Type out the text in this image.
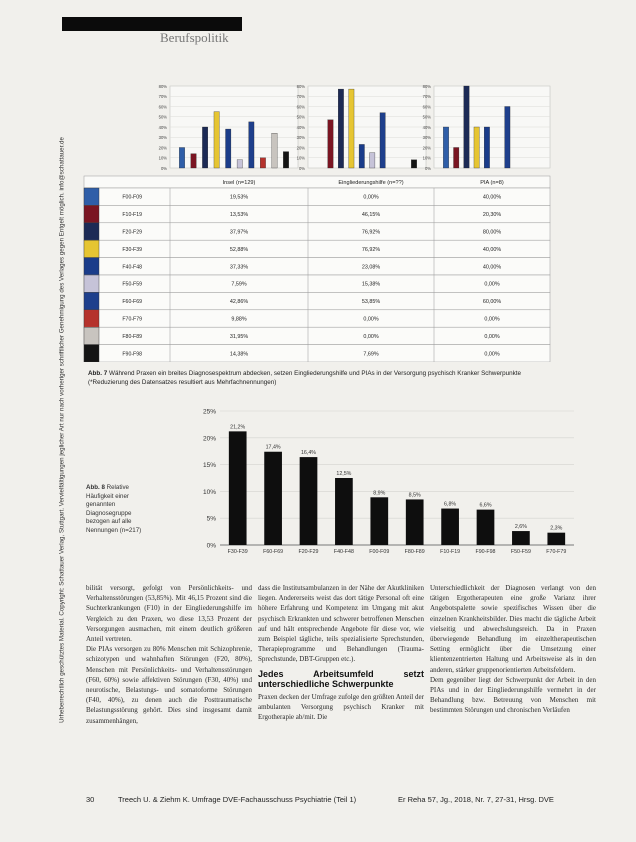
Berufspolitik
Urheberrechtlich geschütztes Material. Copyright: Schattauer Verlag, Stuttgart. Vervielfältigungen jeglicher Art nur nach vorheriger schriftlicher Genehmigung des Verlages gegen Entgelt möglich. info@schattauer.de	0%
10%
20%
30%
40%
50%
60%
70%
80%
0%
10%
20%
30%
40%
50%
60%
70%
80%
0%
10%
20%
30%
40%
50%
60%
70%
80%
Insel (n=129)	Eingliederungshilfe (n=??)	PIA (n=8)
F00-F09	19,53%	0,00%	40,00%
F10-F19	13,53%	46,15%	20,30%
F20-F29	37,97%	76,92%	80,00%
F30-F39	52,88%	76,92%	40,00%
F40-F48	37,33%	23,08%	40,00%
F50-F59	7,59%	15,38%	0,00%
F60-F69	42,86%	53,85%	60,00%
F70-F79	9,88%	0,00%	0,00%
F80-F89	31,95%	0,00%	0,00%
F90-F98	14,38%	7,69%	0,00%
Abb. 7 Während Praxen ein breites Diagnosespektrum abdecken, setzen Eingliederungshilfe und PIAs in der Versorgung psychisch Kranker Schwerpunkte (*Reduzierung des Datensatzes resultiert aus Mehrfachnennungen)
0%
5%
10%
15%
20%
25%
21,2%
F30-F39
17,4%
F60-F69
16,4%
F20-F29
12,5%
F40-F48
8,9%
F00-F09
8,5%
F80-F89
6,8%
F10-F19
6,6%
F90-F98
2,6%
F50-F59
2,3%
F70-F79
Abb. 8 Relative Häufigkeit einer genannten Diagnosegruppe bezogen auf alle Nennungen (n=217)

bilität versorgt, gefolgt von Persönlichkeits- und Verhaltensstörungen (53,85%). Mit 46,15 Prozent sind die Suchterkrankungen (F10) in der Eingliederungshilfe im Vergleich zu den Praxen, wo diese 13,53 Prozent der Versorgungen ausmachen, mit einem deutlich größeren Anteil vertreten.

Die PIAs versorgen zu 80% Menschen mit Schizophrenie, schizotypen und wahnhaften Störungen (F20, 80%), Menschen mit Persönlichkeits- und Verhaltensstörungen (F60, 60%) sowie affektiven Störungen (F30, 40%) und neurotische, Belastungs- und somatoforme Störungen (F40, 40%), zu denen auch die Posttraumatische Belastungsstörung gehört. Dies sind insgesamt damit zusammenhängen,

dass die Institutsambulanzen in der Nähe der Akutkliniken liegen. Andererseits weist das dort tätige Personal oft eine höhere Erfahrung und Kompetenz im Umgang mit akut psychisch Erkrankten und schwerer betroffenen Menschen auf und hält entsprechende Angebote für diese vor, wie zum Beispiel tägliche, teils spezialisierte Sprechstunden, Therapieprogramme und Behandlungen (Trauma-Sprechstunde, DBT-Gruppen etc.).

Jedes Arbeitsumfeld setzt unterschiedliche Schwerpunkte

Praxen decken der Umfrage zufolge den größten Anteil der ambulanten Versorgung psychisch Kranker mit Ergotherapie ab/mit. Die

Unterschiedlichkeit der Diagnosen verlangt von den tätigen Ergotherapeuten eine große Varianz ihrer Angebotspalette sowie spezifisches Wissen über die einzelnen Krankheitsbilder. Dies macht die tägliche Arbeit vielseitig und abwechslungsreich. Da in Praxen überwiegende Behandlung im einzeltherapeutischen Setting ermöglicht über die Umsetzung einer klientenzentrierten Haltung und Arbeitsweise als in den anderen, stärker gruppenorientierten Arbeitsfeldern.

Dem gegenüber liegt der Schwerpunkt der Arbeit in den PIAs und in der Eingliederungshilfe vermehrt in der Behandlung bzw. Betreuung von Menschen mit bestimmten Störungen und chronischen Verläufen

30	Treech U. & Ziehm K. Umfrage DVE-Fachausschuss Psychiatrie (Teil 1)	Er Reha 57, Jg., 2018, Nr. 7, 27-31, Hrsg. DVE
